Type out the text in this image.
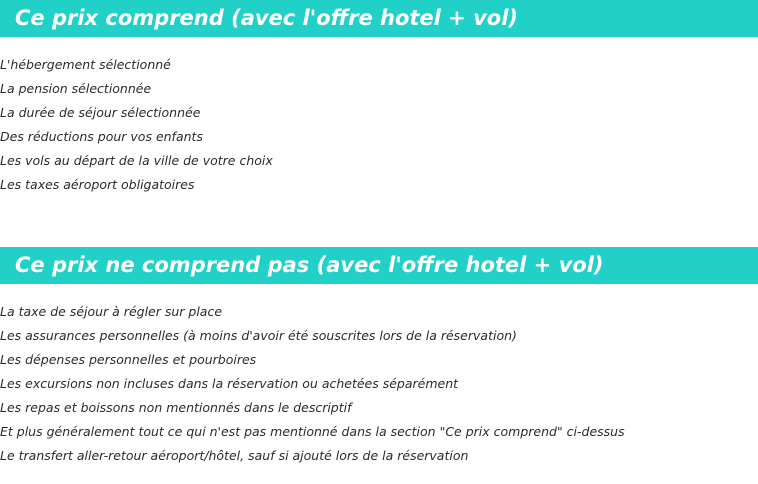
Ce prix comprend (avec l'offre hotel + vol)
L'hébergement sélectionné
La pension sélectionnée
La durée de séjour sélectionnée
Des réductions pour vos enfants
Les vols au départ de la ville de votre choix
Les taxes aéroport obligatoires
Ce prix ne comprend pas (avec l'offre hotel + vol)
La taxe de séjour à régler sur place
Les assurances personnelles (à moins d'avoir été souscrites lors de la réservation)
Les dépenses personnelles et pourboires
Les excursions non incluses dans la réservation ou achetées séparément
Les repas et boissons non mentionnés dans le descriptif
Et plus généralement tout ce qui n'est pas mentionné dans la section "Ce prix comprend" ci-dessus
Le transfert aller-retour aéroport/hôtel, sauf si ajouté lors de la réservation
